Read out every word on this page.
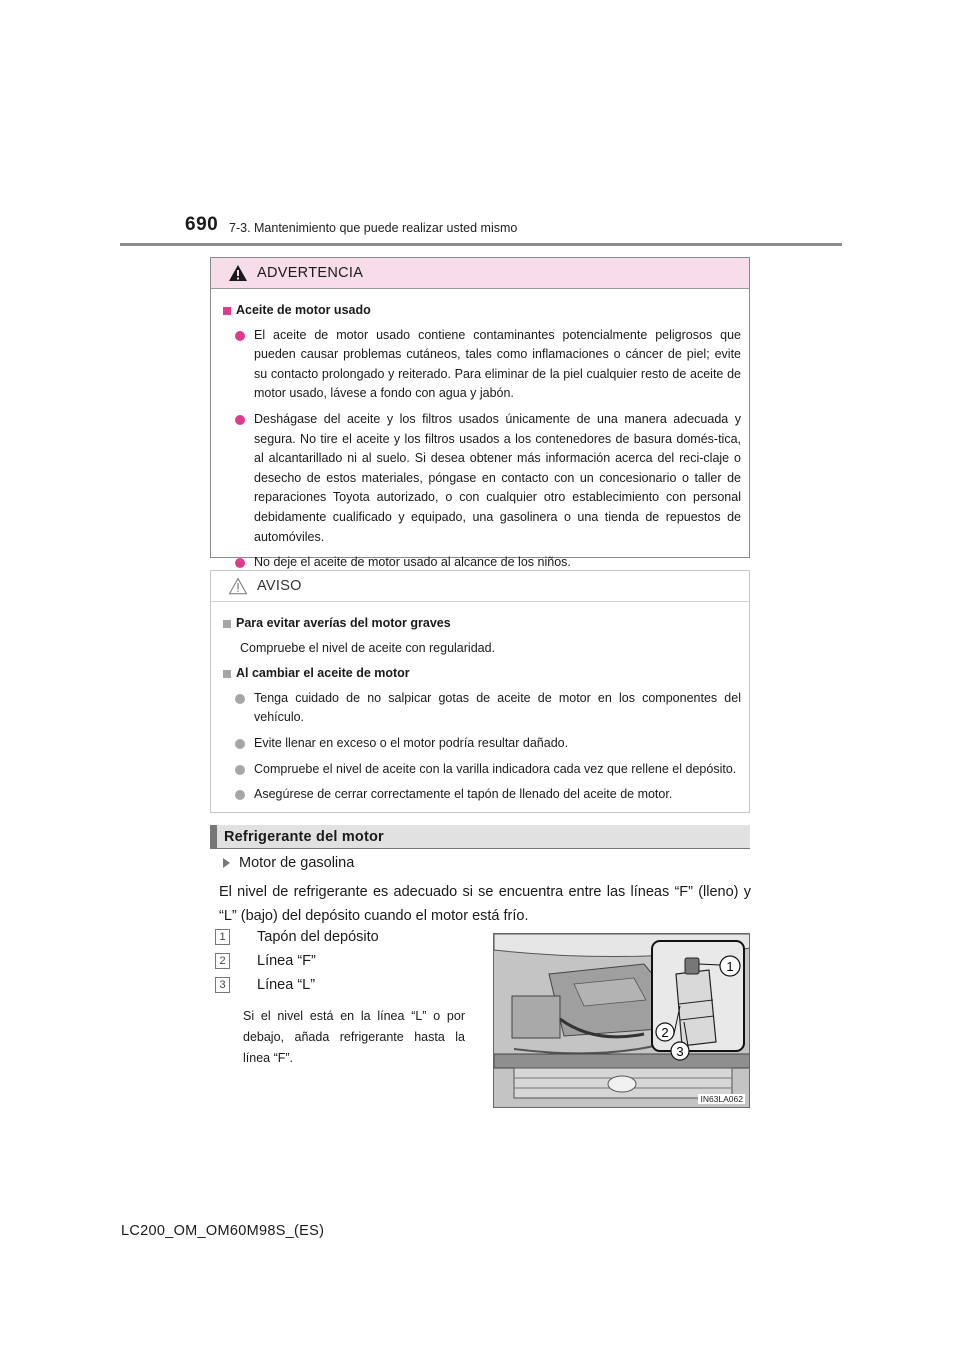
690 7-3. Mantenimiento que puede realizar usted mismo
ADVERTENCIA
Aceite de motor usado
El aceite de motor usado contiene contaminantes potencialmente peligrosos que pueden causar problemas cutáneos, tales como inflamaciones o cáncer de piel; evite su contacto prolongado y reiterado. Para eliminar de la piel cualquier resto de aceite de motor usado, lávese a fondo con agua y jabón.
Deshágase del aceite y los filtros usados únicamente de una manera adecuada y segura. No tire el aceite y los filtros usados a los contenedores de basura domés-tica, al alcantarillado ni al suelo. Si desea obtener más información acerca del reci-claje o desecho de estos materiales, póngase en contacto con un concesionario o taller de reparaciones Toyota autorizado, o con cualquier otro establecimiento con personal debidamente cualificado y equipado, una gasolinera o una tienda de repuestos de automóviles.
No deje el aceite de motor usado al alcance de los niños.
AVISO
Para evitar averías del motor graves
Compruebe el nivel de aceite con regularidad.
Al cambiar el aceite de motor
Tenga cuidado de no salpicar gotas de aceite de motor en los componentes del vehículo.
Evite llenar en exceso o el motor podría resultar dañado.
Compruebe el nivel de aceite con la varilla indicadora cada vez que rellene el depósito.
Asegúrese de cerrar correctamente el tapón de llenado del aceite de motor.
Refrigerante del motor
Motor de gasolina
El nivel de refrigerante es adecuado si se encuentra entre las líneas “F” (lleno) y “L” (bajo) del depósito cuando el motor está frío.
1	Tapón del depósito
2	Línea “F”
3	Línea “L”
Si el nivel está en la línea “L” o por debajo, añada refrigerante hasta la línea “F”.
1
2
3
IN63LA062
LC200_OM_OM60M98S_(ES)
